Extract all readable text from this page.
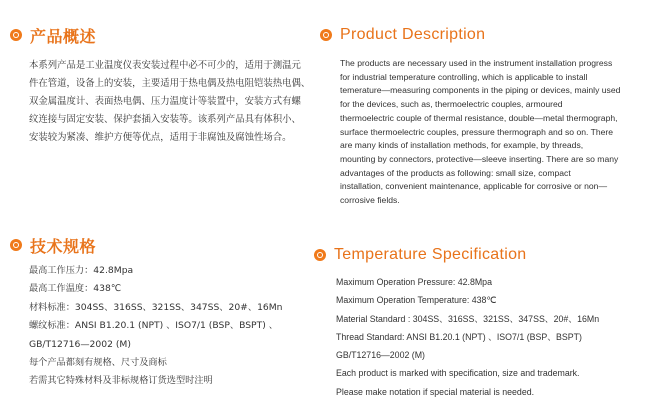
产品概述

本系列产品是工业温度仪表安装过程中必不可少的，适用于测温元

件在管道，设备上的安装，主要适用于热电偶及热电阻铠装热电偶、

双金属温度计、表面热电偶、压力温度计等装置中，安装方式有螺

纹连接与固定安装、保护套插入安装等。该系列产品具有体积小、

安装较为紧凑、维护方便等优点，适用于非腐蚀及腐蚀性场合。

Product Description

The products are necessary used in the instrument installation progress

for industrial temperature controlling, which is applicable to install

temerature—measuring components in the piping or devices, mainly used

for the devices, such as, thermoelectric couples, armoured

thermoelectric couple of thermal resistance, double—metal thermograph,

surface thermoelectric couples, pressure thermograph and so on. There

are many kinds of installation methods, for example, by threads,

mounting by connectors, protective—sleeve inserting. There are so many

advantages of the products as following: small size, compact

installation, convenient maintenance, applicable for corrosive or non—

corrosive fields.

技术规格

最高工作压力：42.8Mpa

最高工作温度：438℃

材料标准：304SS、316SS、321SS、347SS、20#、16Mn

螺纹标准：ANSI B1.20.1 (NPT) 、ISO7/1 (BSP、BSPT) 、

GB/T12716—2002 (M)

每个产品都刻有规格、尺寸及商标

若需其它特殊材料及非标规格订货选型时注明

Temperature Specification

Maximum Operation Pressure: 42.8Mpa

Maximum Operation Temperature: 438℃

Material Standard : 304SS、316SS、321SS、347SS、20#、16Mn

Thread Standard: ANSI B1.20.1 (NPT) 、ISO7/1 (BSP、BSPT)

GB/T12716—2002 (M)

Each product is marked with specification, size and trademark.

Please make notation if special material is needed.
